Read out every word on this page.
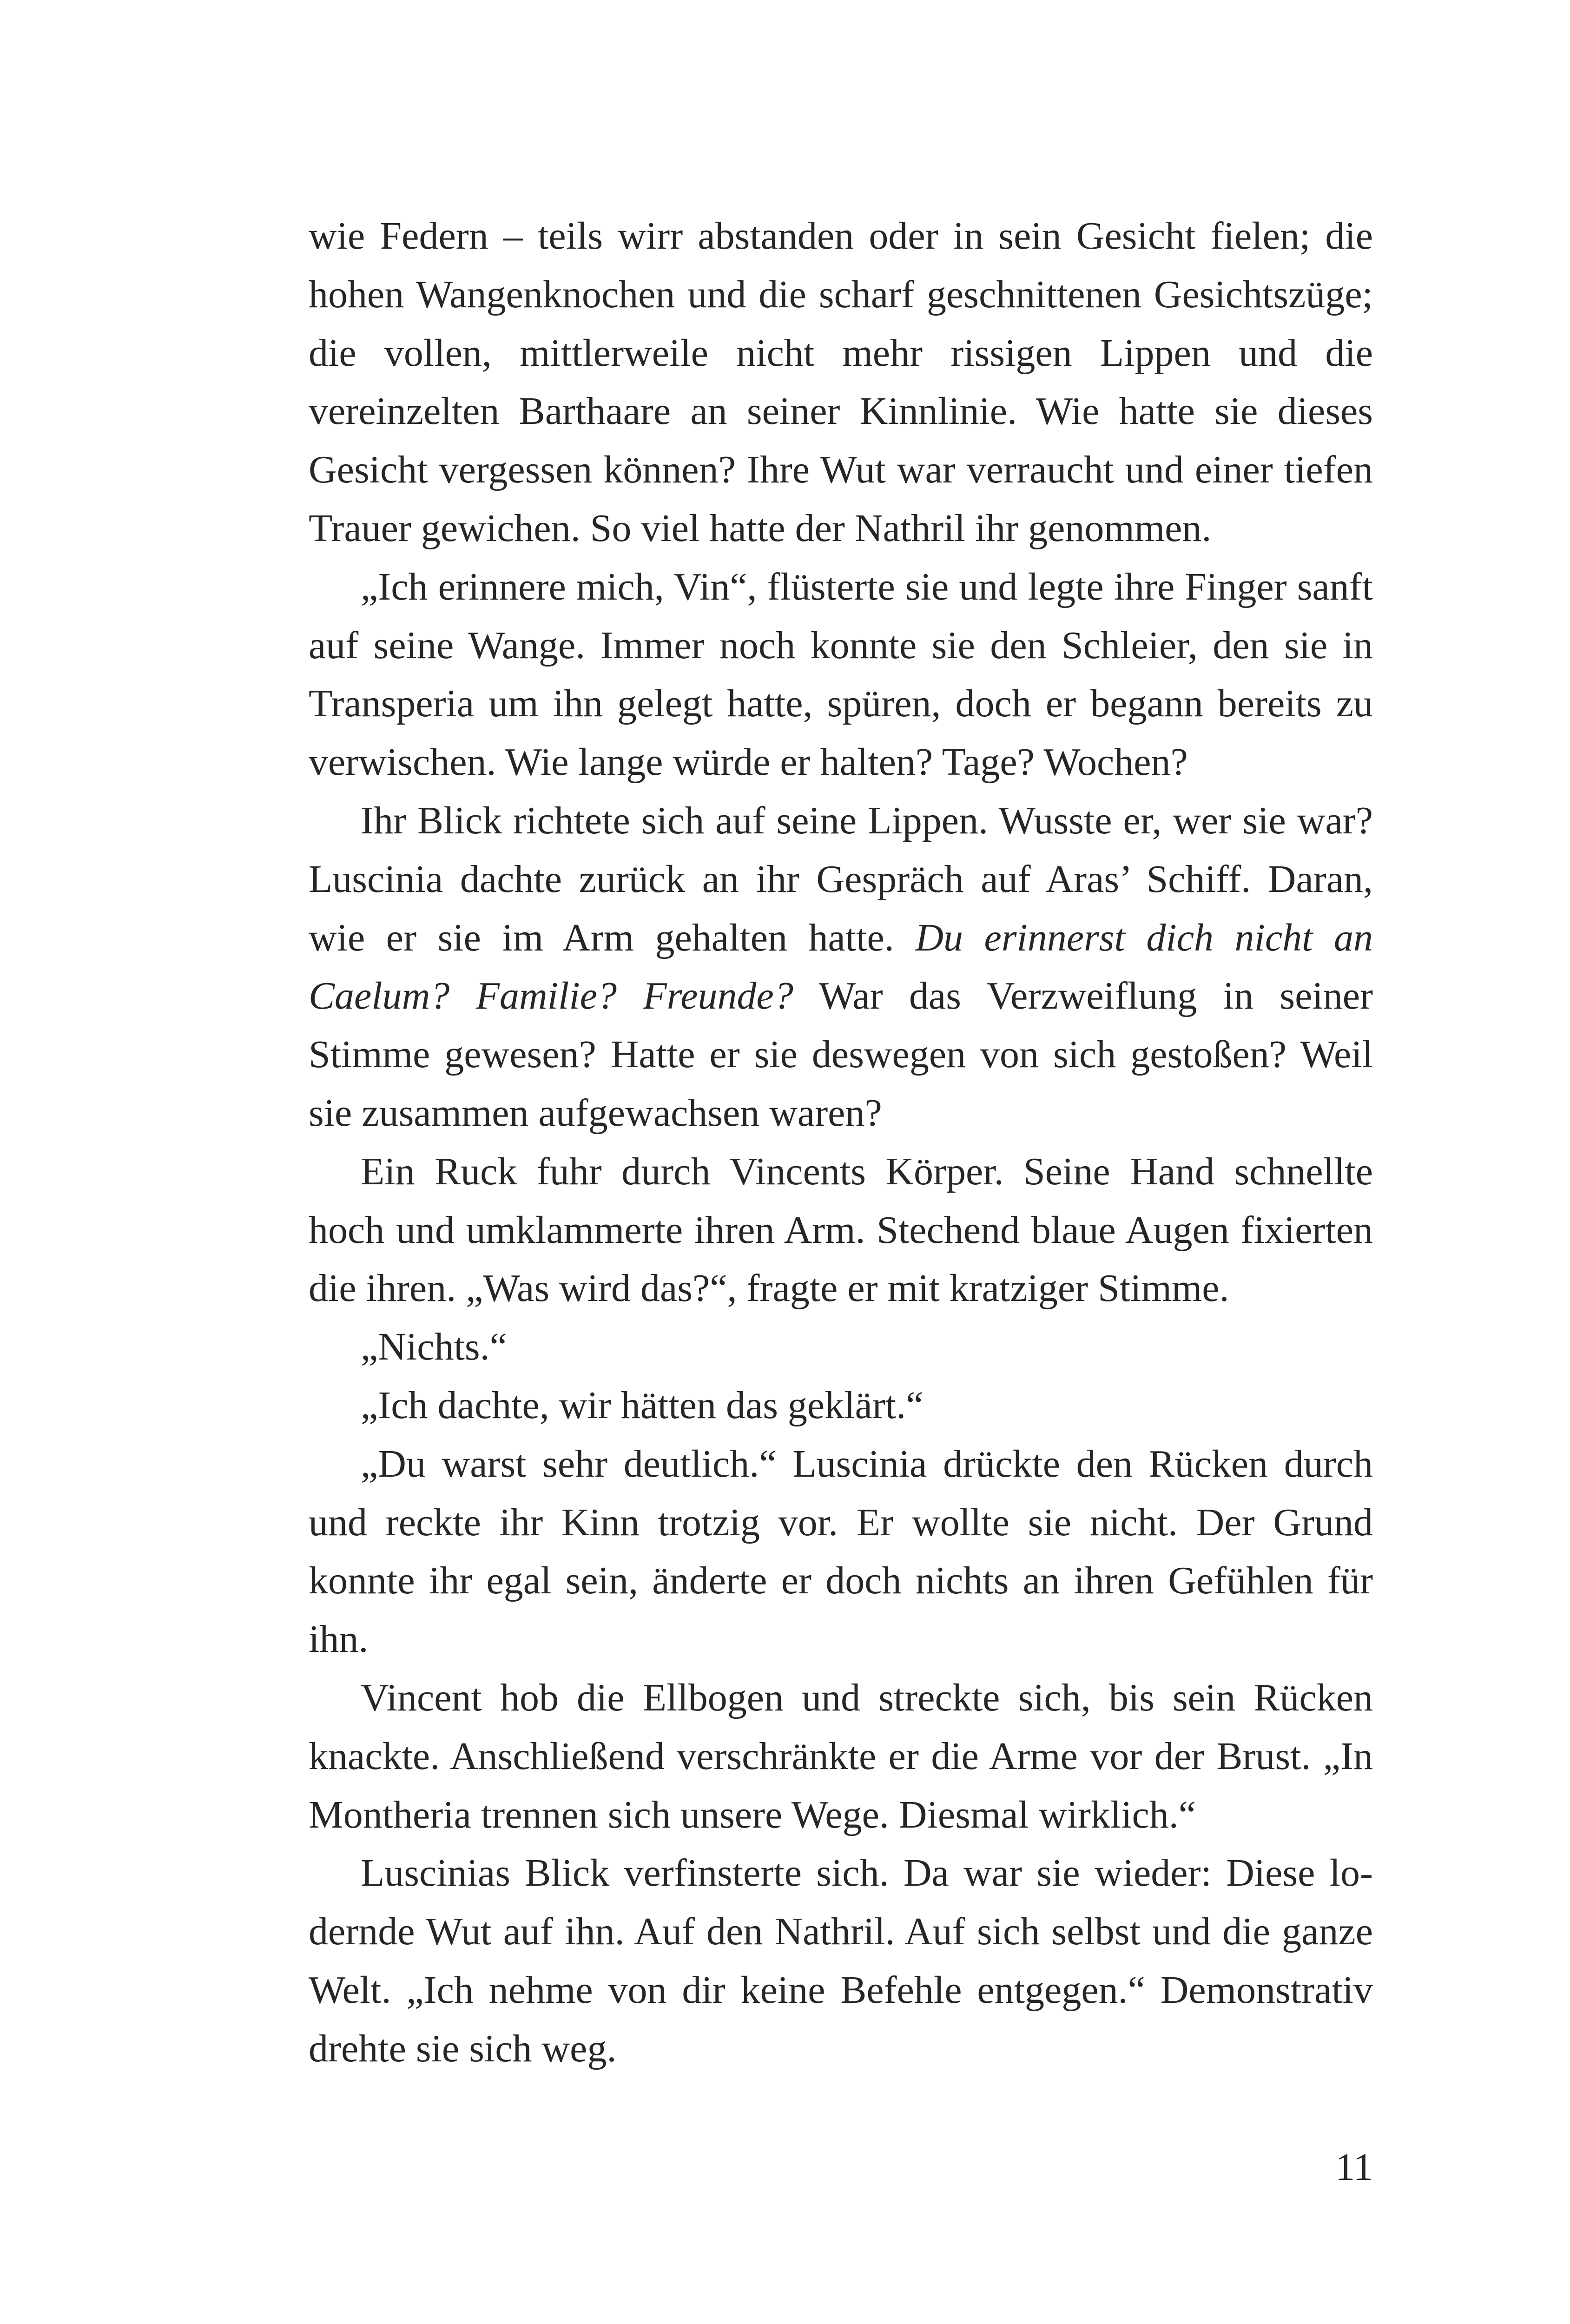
wie Federn – teils wirr abstanden oder in sein Gesicht fielen; die hohen Wangenknochen und die scharf geschnittenen Gesichtszüge; die vollen, mittlerweile nicht mehr rissigen Lippen und die vereinzelten Barthaare an seiner Kinnlinie. Wie hatte sie dieses Gesicht vergessen können? Ihre Wut war verraucht und einer tiefen Trauer gewichen. So viel hatte der Nathril ihr genommen.

„Ich erinnere mich, Vin“, flüsterte sie und legte ihre Finger sanft auf seine Wange. Immer noch konnte sie den Schleier, den sie in Transperia um ihn gelegt hatte, spüren, doch er begann bereits zu verwischen. Wie lange würde er halten? Tage? Wochen?

Ihr Blick richtete sich auf seine Lippen. Wusste er, wer sie war? Luscinia dachte zurück an ihr Gespräch auf Aras’ Schiff. Daran, wie er sie im Arm gehalten hatte. Du erinnerst dich nicht an Caelum? Familie? Freunde? War das Verzweiflung in seiner Stimme gewesen? Hatte er sie deswegen von sich gestoßen? Weil sie zusammen aufgewachsen waren?

Ein Ruck fuhr durch Vincents Körper. Seine Hand schnellte hoch und umklammerte ihren Arm. Stechend blaue Augen fixierten die ihren. „Was wird das?“, fragte er mit kratziger Stimme.

„Nichts.“

„Ich dachte, wir hätten das geklärt.“

„Du warst sehr deutlich.“ Luscinia drückte den Rücken durch und reckte ihr Kinn trotzig vor. Er wollte sie nicht. Der Grund konnte ihr egal sein, änderte er doch nichts an ihren Gefühlen für ihn.

Vincent hob die Ellbogen und streckte sich, bis sein Rücken knackte. Anschließend verschränkte er die Arme vor der Brust. „In Montheria trennen sich unsere Wege. Diesmal wirklich.“

Luscinias Blick verfinsterte sich. Da war sie wieder: Diese lodernde Wut auf ihn. Auf den Nathril. Auf sich selbst und die ganze Welt. „Ich nehme von dir keine Befehle entgegen.“ Demonstrativ drehte sie sich weg.

11
